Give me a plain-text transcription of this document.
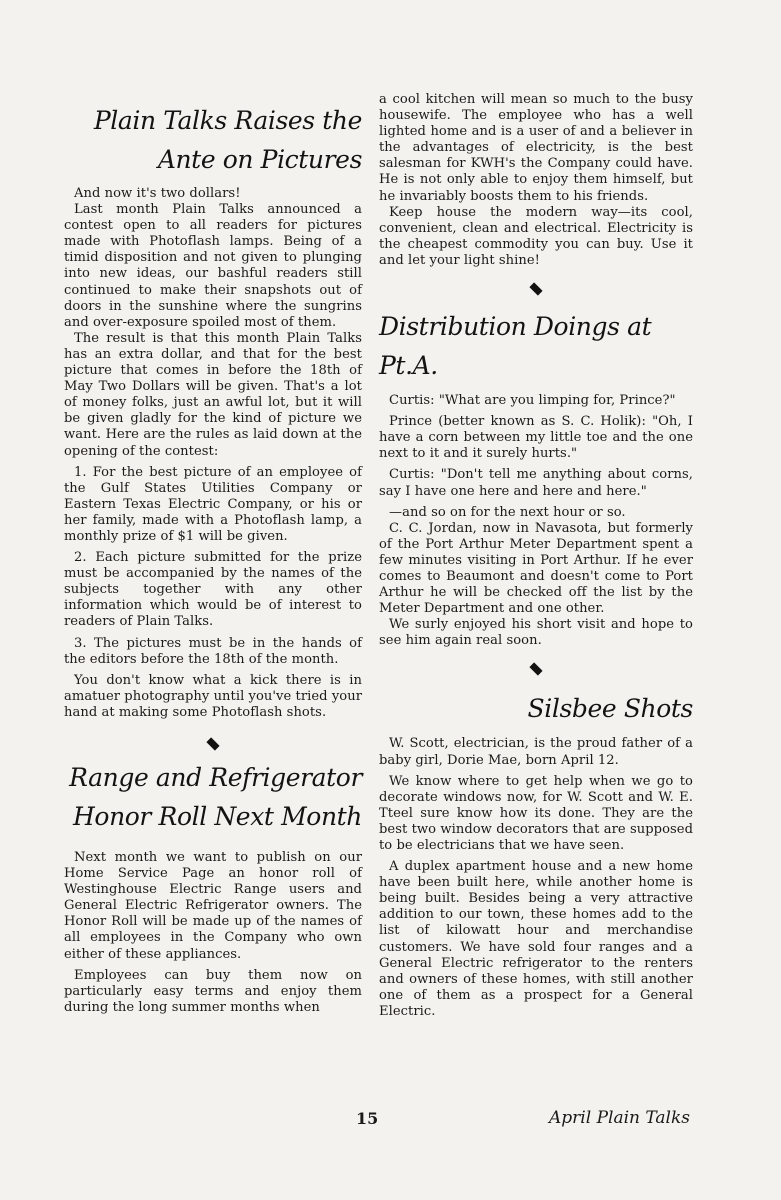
Plain Talks Raises the
Ante on Pictures

And now it's two dollars!

Last month Plain Talks announced a contest open to all readers for pictures made with Photoflash lamps. Being of a timid disposition and not given to plunging into new ideas, our bashful readers still continued to make their snapshots out of doors in the sunshine where the sungrins and over-exposure spoiled most of them.

The result is that this month Plain Talks has an extra dollar, and that for the best picture that comes in before the 18th of May Two Dollars will be given. That's a lot of money folks, just an awful lot, but it will be given gladly for the kind of picture we want. Here are the rules as laid down at the opening of the contest:

1. For the best picture of an employee of the Gulf States Utilities Company or Eastern Texas Electric Company, or his or her family, made with a Photoflash lamp, a monthly prize of $1 will be given.

2. Each picture submitted for the prize must be accompanied by the names of the subjects together with any other information which would be of interest to readers of Plain Talks.

3. The pictures must be in the hands of the editors before the 18th of the month.

You don't know what a kick there is in amatuer photography until you've tried your hand at making some Photoflash shots.

Range and Refrigerator
Honor Roll Next Month

Next month we want to publish on our Home Service Page an honor roll of Westinghouse Electric Range users and General Electric Refrigerator owners. The Honor Roll will be made up of the names of all employees in the Company who own either of these appliances.

Employees can buy them now on particularly easy terms and enjoy them during the long summer months when

a cool kitchen will mean so much to the busy housewife. The employee who has a well lighted home and is a user of and a believer in the advantages of electricity, is the best salesman for KWH's the Company could have. He is not only able to enjoy them himself, but he invariably boosts them to his friends.

Keep house the modern way—its cool, convenient, clean and electrical. Electricity is the cheapest commodity you can buy. Use it and let your light shine!

Distribution Doings at Pt.A.

Curtis: "What are you limping for, Prince?"

Prince (better known as S. C. Holik): "Oh, I have a corn between my little toe and the one next to it and it surely hurts."

Curtis: "Don't tell me anything about corns, say I have one here and here and here."

—and so on for the next hour or so.

C. C. Jordan, now in Navasota, but formerly of the Port Arthur Meter Department spent a few minutes visiting in Port Arthur. If he ever comes to Beaumont and doesn't come to Port Arthur he will be checked off the list by the Meter Department and one other.

We surly enjoyed his short visit and hope to see him again real soon.

Silsbee Shots

W. Scott, electrician, is the proud father of a baby girl, Dorie Mae, born April 12.

We know where to get help when we go to decorate windows now, for W. Scott and W. E. Tteel sure know how its done. They are the best two window decorators that are supposed to be electricians that we have seen.

A duplex apartment house and a new home have been built here, while another home is being built. Besides being a very attractive addition to our town, these homes add to the list of kilowatt hour and merchandise customers. We have sold four ranges and a General Electric refrigerator to the renters and owners of these homes, with still another one of them as a prospect for a General Electric.

15	April Plain Talks
